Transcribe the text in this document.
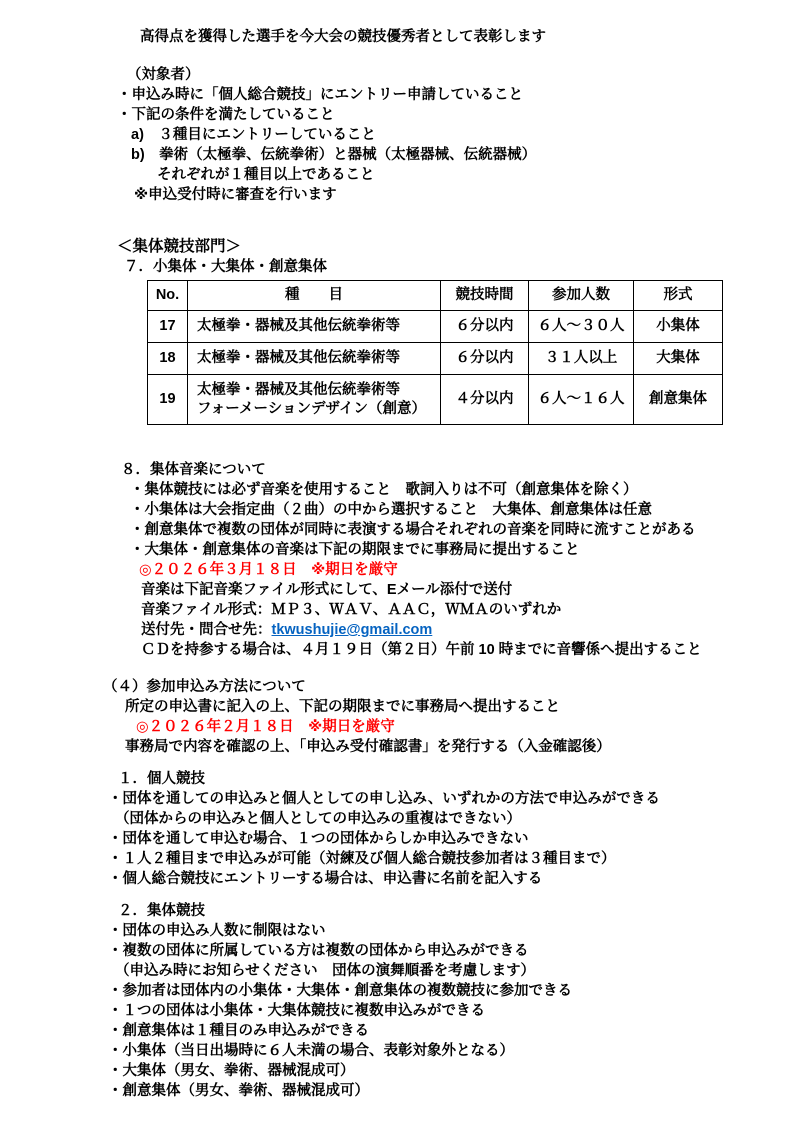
高得点を獲得した選手を今大会の競技優秀者として表彰します
（対象者）
・申込み時に「個人総合競技」にエントリー申請していること
・下記の条件を満たしていること
a)　３種目にエントリーしていること
b)　拳術（太極拳、伝統拳術）と器械（太極器械、伝統器械）
それぞれが１種目以上であること
※申込受付時に審査を行います
＜集体競技部門＞
７．小集体・大集体・創意集体
No.	種　　目	競技時間	参加人数	形式
17	太極拳・器械及其他伝統拳術等	６分以内	６人～３０人	小集体
18	太極拳・器械及其他伝統拳術等	６分以内	３１人以上	大集体
19	太極拳・器械及其他伝統拳術等
フォーメーションデザイン（創意）	４分以内	６人～１６人	創意集体
８．集体音楽について
・集体競技には必ず音楽を使用すること　歌詞入りは不可（創意集体を除く）
・小集体は大会指定曲（２曲）の中から選択すること　大集体、創意集体は任意
・創意集体で複数の団体が同時に表演する場合それぞれの音楽を同時に流すことがある
・大集体・創意集体の音楽は下記の期限までに事務局に提出すること
◎２０２６年３月１８日　※期日を厳守
音楽は下記音楽ファイル形式にして、Eメール添付で送付
音楽ファイル形式：ＭＰ３、ＷＡＶ、ＡＡＣ，ＷＭＡのいずれか
送付先・問合せ先：tkwushujie@gmail.com
ＣＤを持参する場合は、４月１９日（第２日）午前 10 時までに音響係へ提出すること
（４）参加申込み方法について
所定の申込書に記入の上、下記の期限までに事務局へ提出すること
◎２０２６年２月１８日　※期日を厳守
事務局で内容を確認の上、「申込み受付確認書」を発行する（入金確認後）
１．個人競技
・団体を通しての申込みと個人としての申し込み、いずれかの方法で申込みができる
（団体からの申込みと個人としての申込みの重複はできない）
・団体を通して申込む場合、１つの団体からしか申込みできない
・１人２種目まで申込みが可能（対練及び個人総合競技参加者は３種目まで）
・個人総合競技にエントリーする場合は、申込書に名前を記入する
２．集体競技
・団体の申込み人数に制限はない
・複数の団体に所属している方は複数の団体から申込みができる
（申込み時にお知らせください　団体の演舞順番を考慮します）
・参加者は団体内の小集体・大集体・創意集体の複数競技に参加できる
・１つの団体は小集体・大集体競技に複数申込みができる
・創意集体は１種目のみ申込みができる
・小集体（当日出場時に６人未満の場合、表彰対象外となる）
・大集体（男女、拳術、器械混成可）
・創意集体（男女、拳術、器械混成可）
